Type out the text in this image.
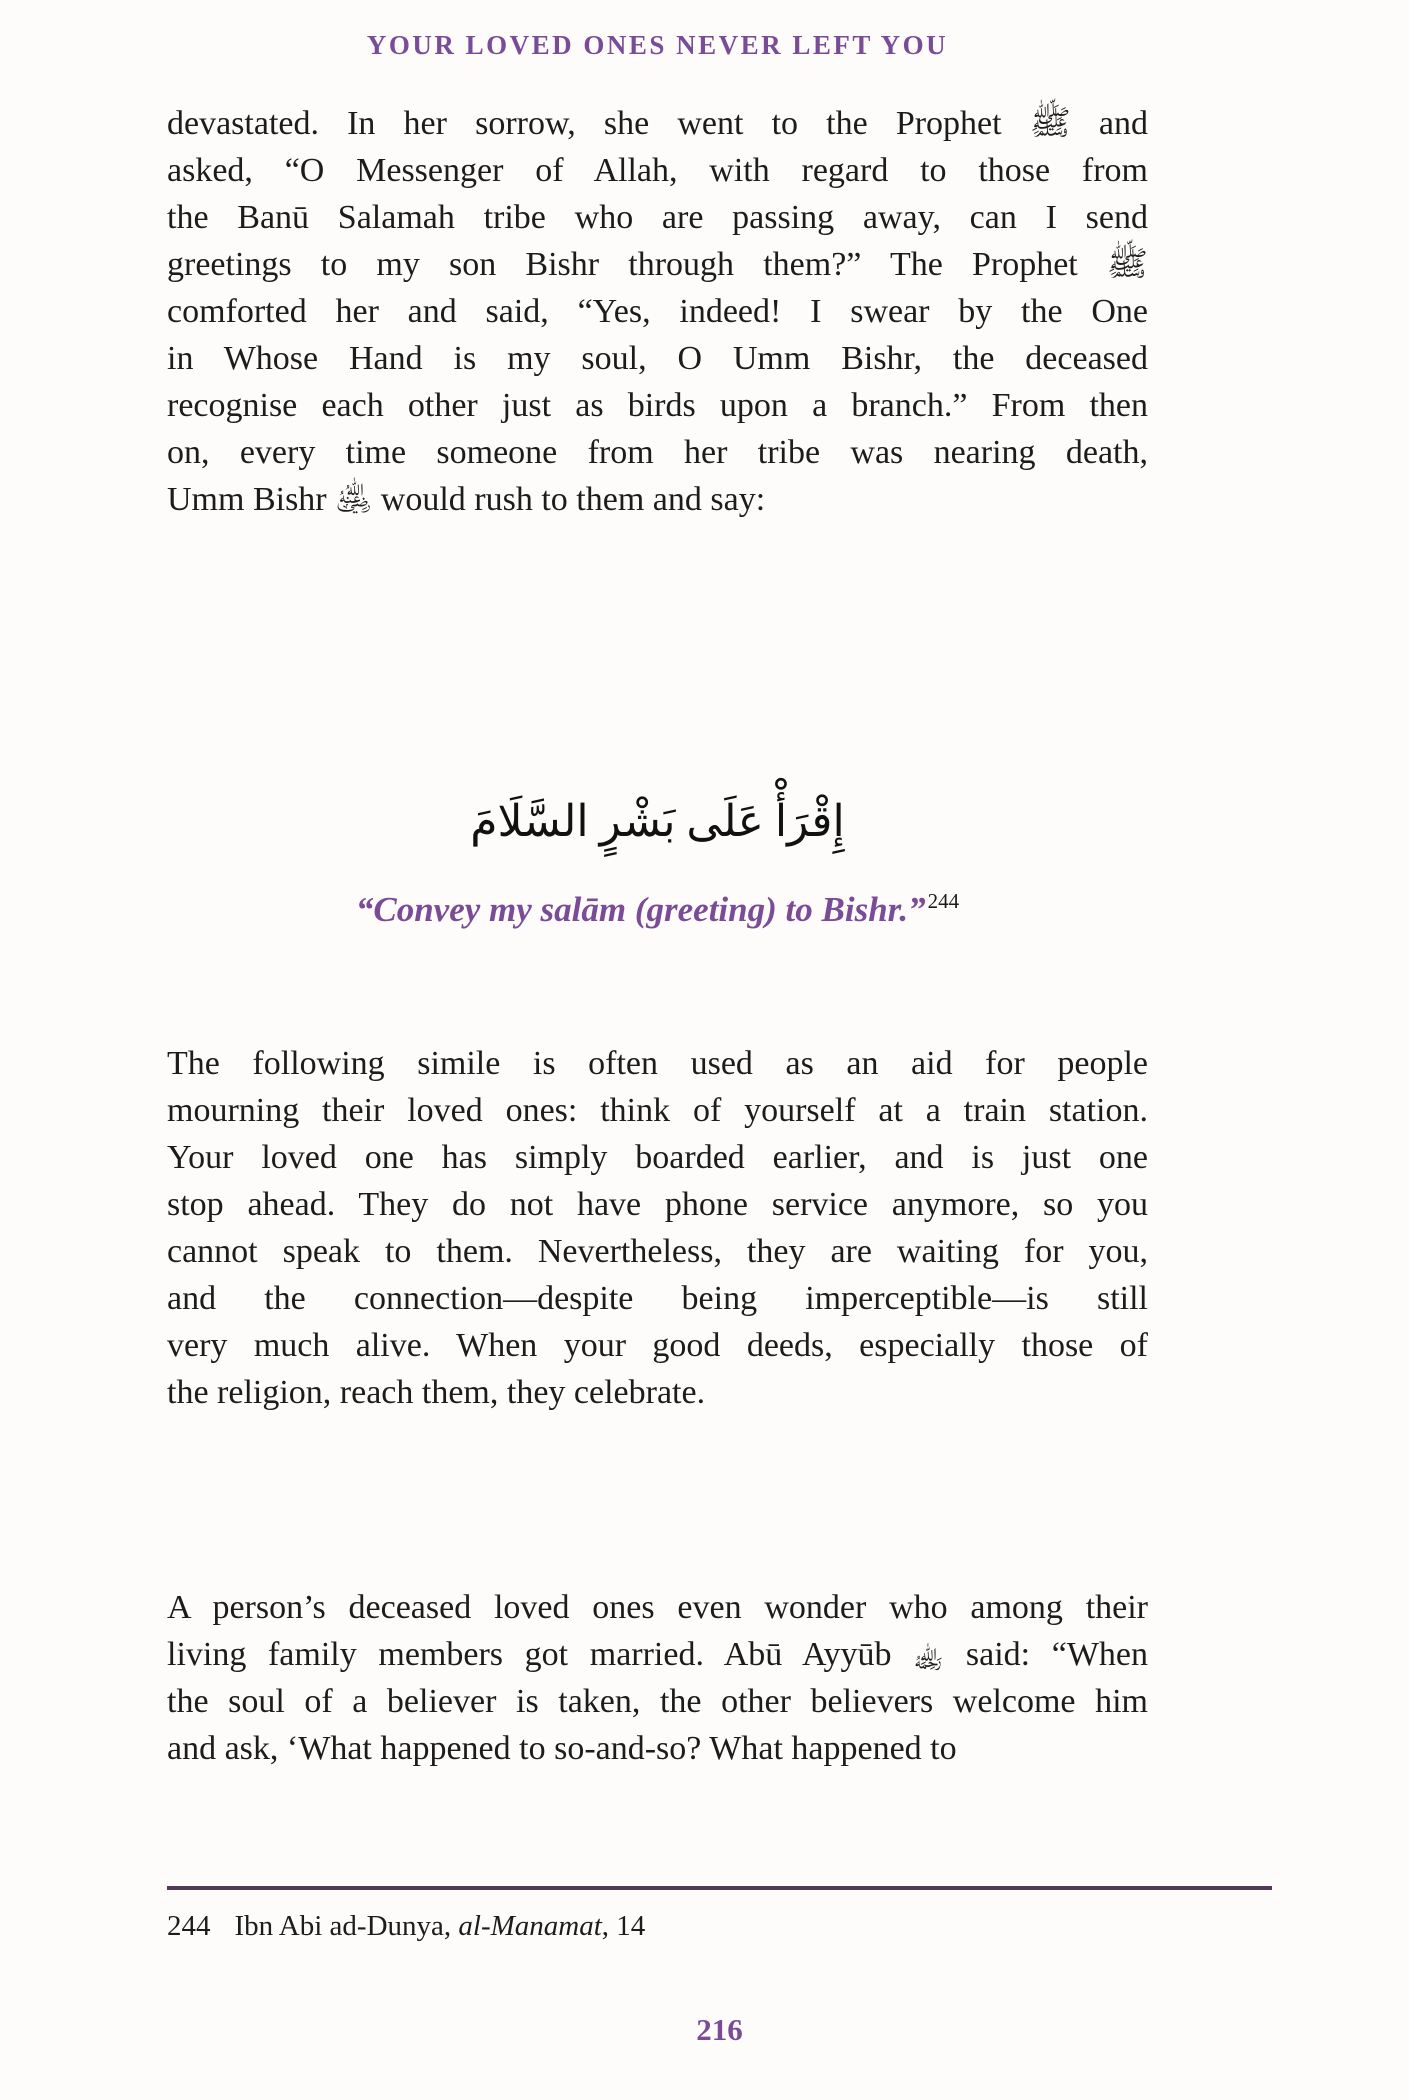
YOUR LOVED ONES NEVER LEFT YOU
devastated. In her sorrow, she went to the Prophet ﷺ and
asked, “O Messenger of Allah, with regard to those from
the Banū Salamah tribe who are passing away, can I send
greetings to my son Bishr through them?” The Prophet ﷺ
comforted her and said, “Yes, indeed! I swear by the One
in Whose Hand is my soul, O Umm Bishr, the deceased
recognise each other just as birds upon a branch.” From then
on, every time someone from her tribe was nearing death,
Umm Bishr ﵁ would rush to them and say:
إِقْرَأْ عَلَى بَشْرٍ السَّلَامَ
“Convey my salām (greeting) to Bishr.”$^{244}$
The following simile is often used as an aid for people
mourning their loved ones: think of yourself at a train station.
Your loved one has simply boarded earlier, and is just one
stop ahead. They do not have phone service anymore, so you
cannot speak to them. Nevertheless, they are waiting for you,
and the connection—despite being imperceptible—is still
very much alive. When your good deeds, especially those of
the religion, reach them, they celebrate.
A person’s deceased loved ones even wonder who among their
living family members got married. Abū Ayyūb ﵀ said: “When
the soul of a believer is taken, the other believers welcome him
and ask, ‘What happened to so-and-so? What happened to
244 Ibn Abi ad-Dunya, al-Manamat, 14
216
